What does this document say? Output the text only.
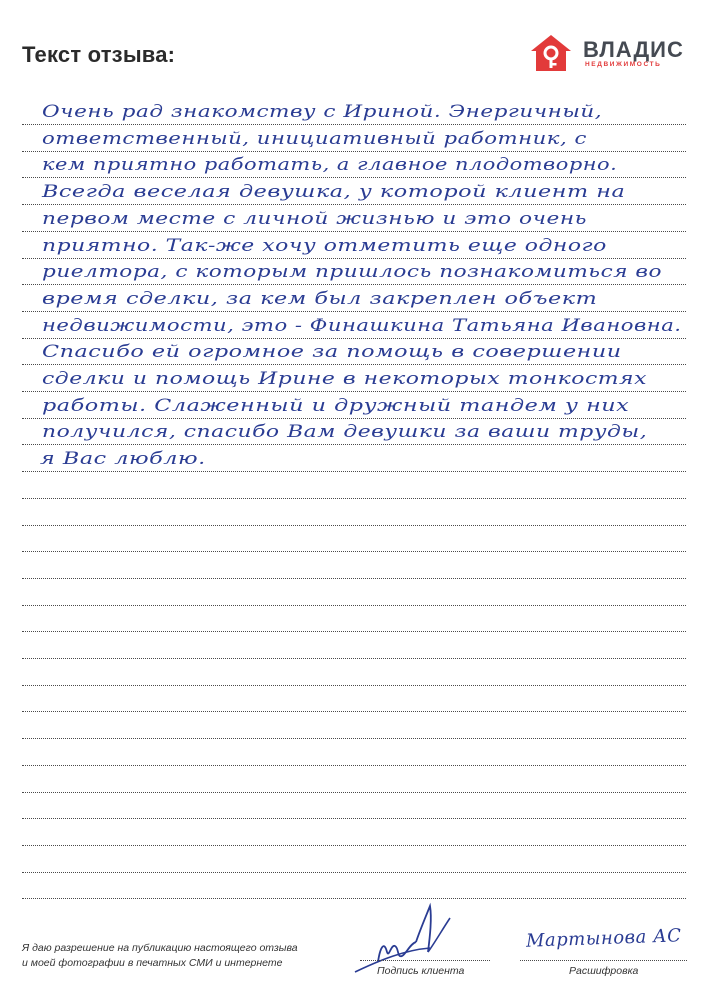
Текст отзыва:	ВЛАДИС
НЕДВИЖИМОСТЬ
Очень рад знакомству с Ириной. Энергичный,
ответственный, инициативный работник, с
кем приятно работать, а главное плодотворно.
Всегда веселая девушка, у которой клиент на
первом месте с личной жизнью и это очень
приятно. Так-же хочу отметить еще одного
риелтора, с которым пришлось познакомиться во
время сделки, за кем был закреплен объект
недвижимости, это - Финашкина Татьяна Ивановна.
Спасибо ей огромное за помощь в совершении
сделки и помощь Ирине в некоторых тонкостях
работы. Слаженный и дружный тандем у них
получился, спасибо Вам девушки за ваши труды,
я Вас люблю.
Я даю разрешение на публикацию настоящего отзыва
и моей фотографии в печатных СМИ и интернете
Подпись клиента
Мартынова АС
Расшифровка
